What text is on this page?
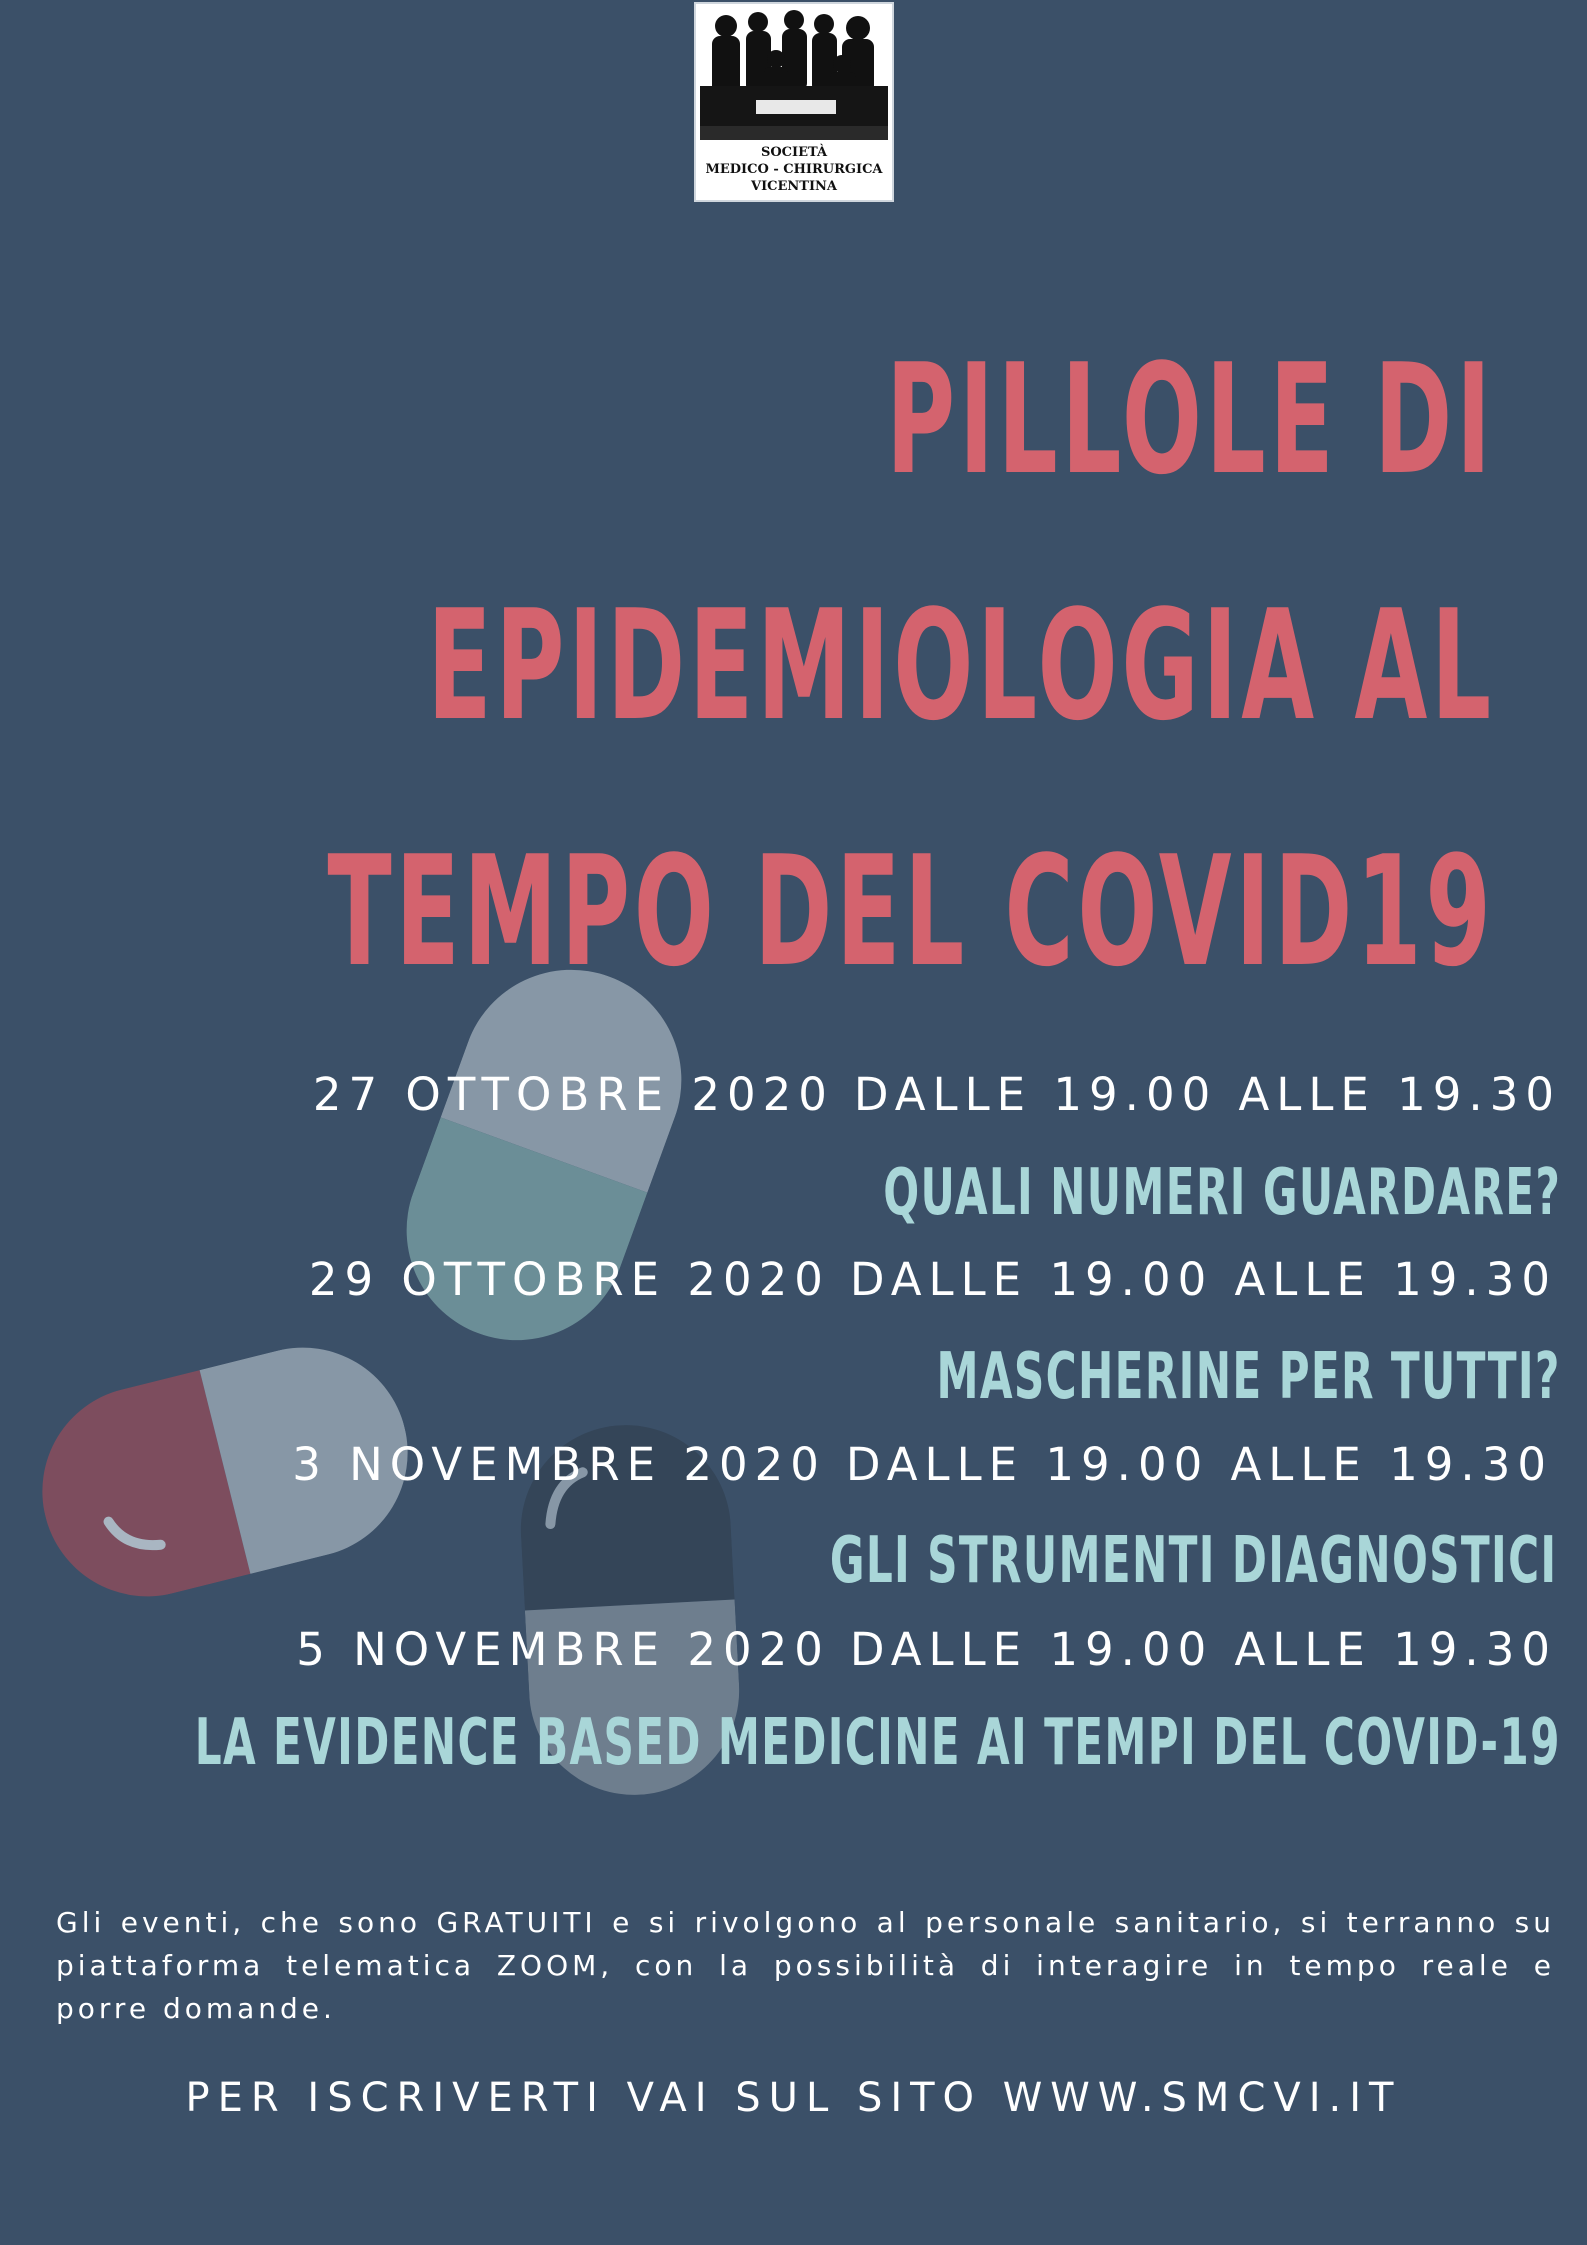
SOCIETÀ
MEDICO - CHIRURGICA
VICENTINA
PILLOLE DI
EPIDEMIOLOGIA AL
TEMPO DEL COVID19
27 OTTOBRE 2020 DALLE 19.00 ALLE 19.30
QUALI NUMERI GUARDARE?
29 OTTOBRE 2020 DALLE 19.00 ALLE 19.30
MASCHERINE PER TUTTI?
3 NOVEMBRE 2020 DALLE 19.00 ALLE 19.30
GLI STRUMENTI DIAGNOSTICI
5 NOVEMBRE 2020 DALLE 19.00 ALLE 19.30
LA EVIDENCE BASED MEDICINE AI TEMPI DEL COVID-19
Gli eventi, che sono GRATUITI e si rivolgono al personale sanitario, si terranno su piattaforma telematica ZOOM, con la possibilità di interagire in tempo reale e porre domande.
PER ISCRIVERTI VAI SUL SITO WWW.SMCVI.IT
